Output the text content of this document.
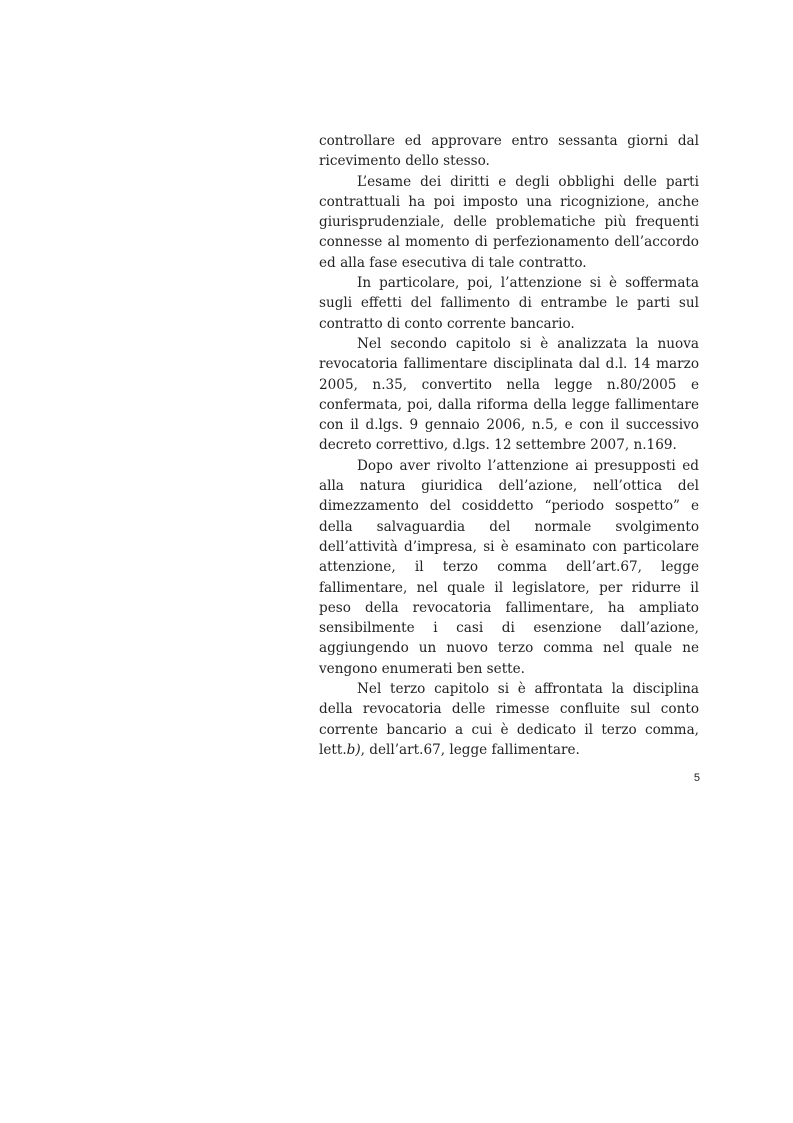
controllare ed approvare entro sessanta giorni dal ricevimento dello stesso.

L’esame dei diritti e degli obblighi delle parti contrattuali ha poi imposto una ricognizione, anche giurisprudenziale, delle problematiche più frequenti connesse al momento di perfezionamento dell’accordo ed alla fase esecutiva di tale contratto.

In particolare, poi, l’attenzione si è soffermata sugli effetti del fallimento di entrambe le parti sul contratto di conto corrente bancario.

Nel secondo capitolo si è analizzata la nuova revocatoria fallimentare disciplinata dal d.l. 14 marzo 2005, n.35, convertito nella legge n.80/2005 e confermata, poi, dalla riforma della legge fallimentare con il d.lgs. 9 gennaio 2006, n.5, e con il successivo decreto correttivo, d.lgs. 12 settembre 2007, n.169.

Dopo aver rivolto l’attenzione ai presupposti ed alla natura giuridica dell’azione, nell’ottica del dimezzamento del cosiddetto “periodo sospetto” e della salvaguardia del normale svolgimento dell’attività d’impresa, si è esaminato con particolare attenzione, il terzo comma dell’art.67, legge fallimentare, nel quale il legislatore, per ridurre il peso della revocatoria fallimentare, ha ampliato sensibilmente i casi di esenzione dall’azione, aggiungendo un nuovo terzo comma nel quale ne vengono enumerati ben sette.

Nel terzo capitolo si è affrontata la disciplina della revocatoria delle rimesse confluite sul conto corrente bancario a cui è dedicato il terzo comma, lett.b), dell’art.67, legge fallimentare.

5
